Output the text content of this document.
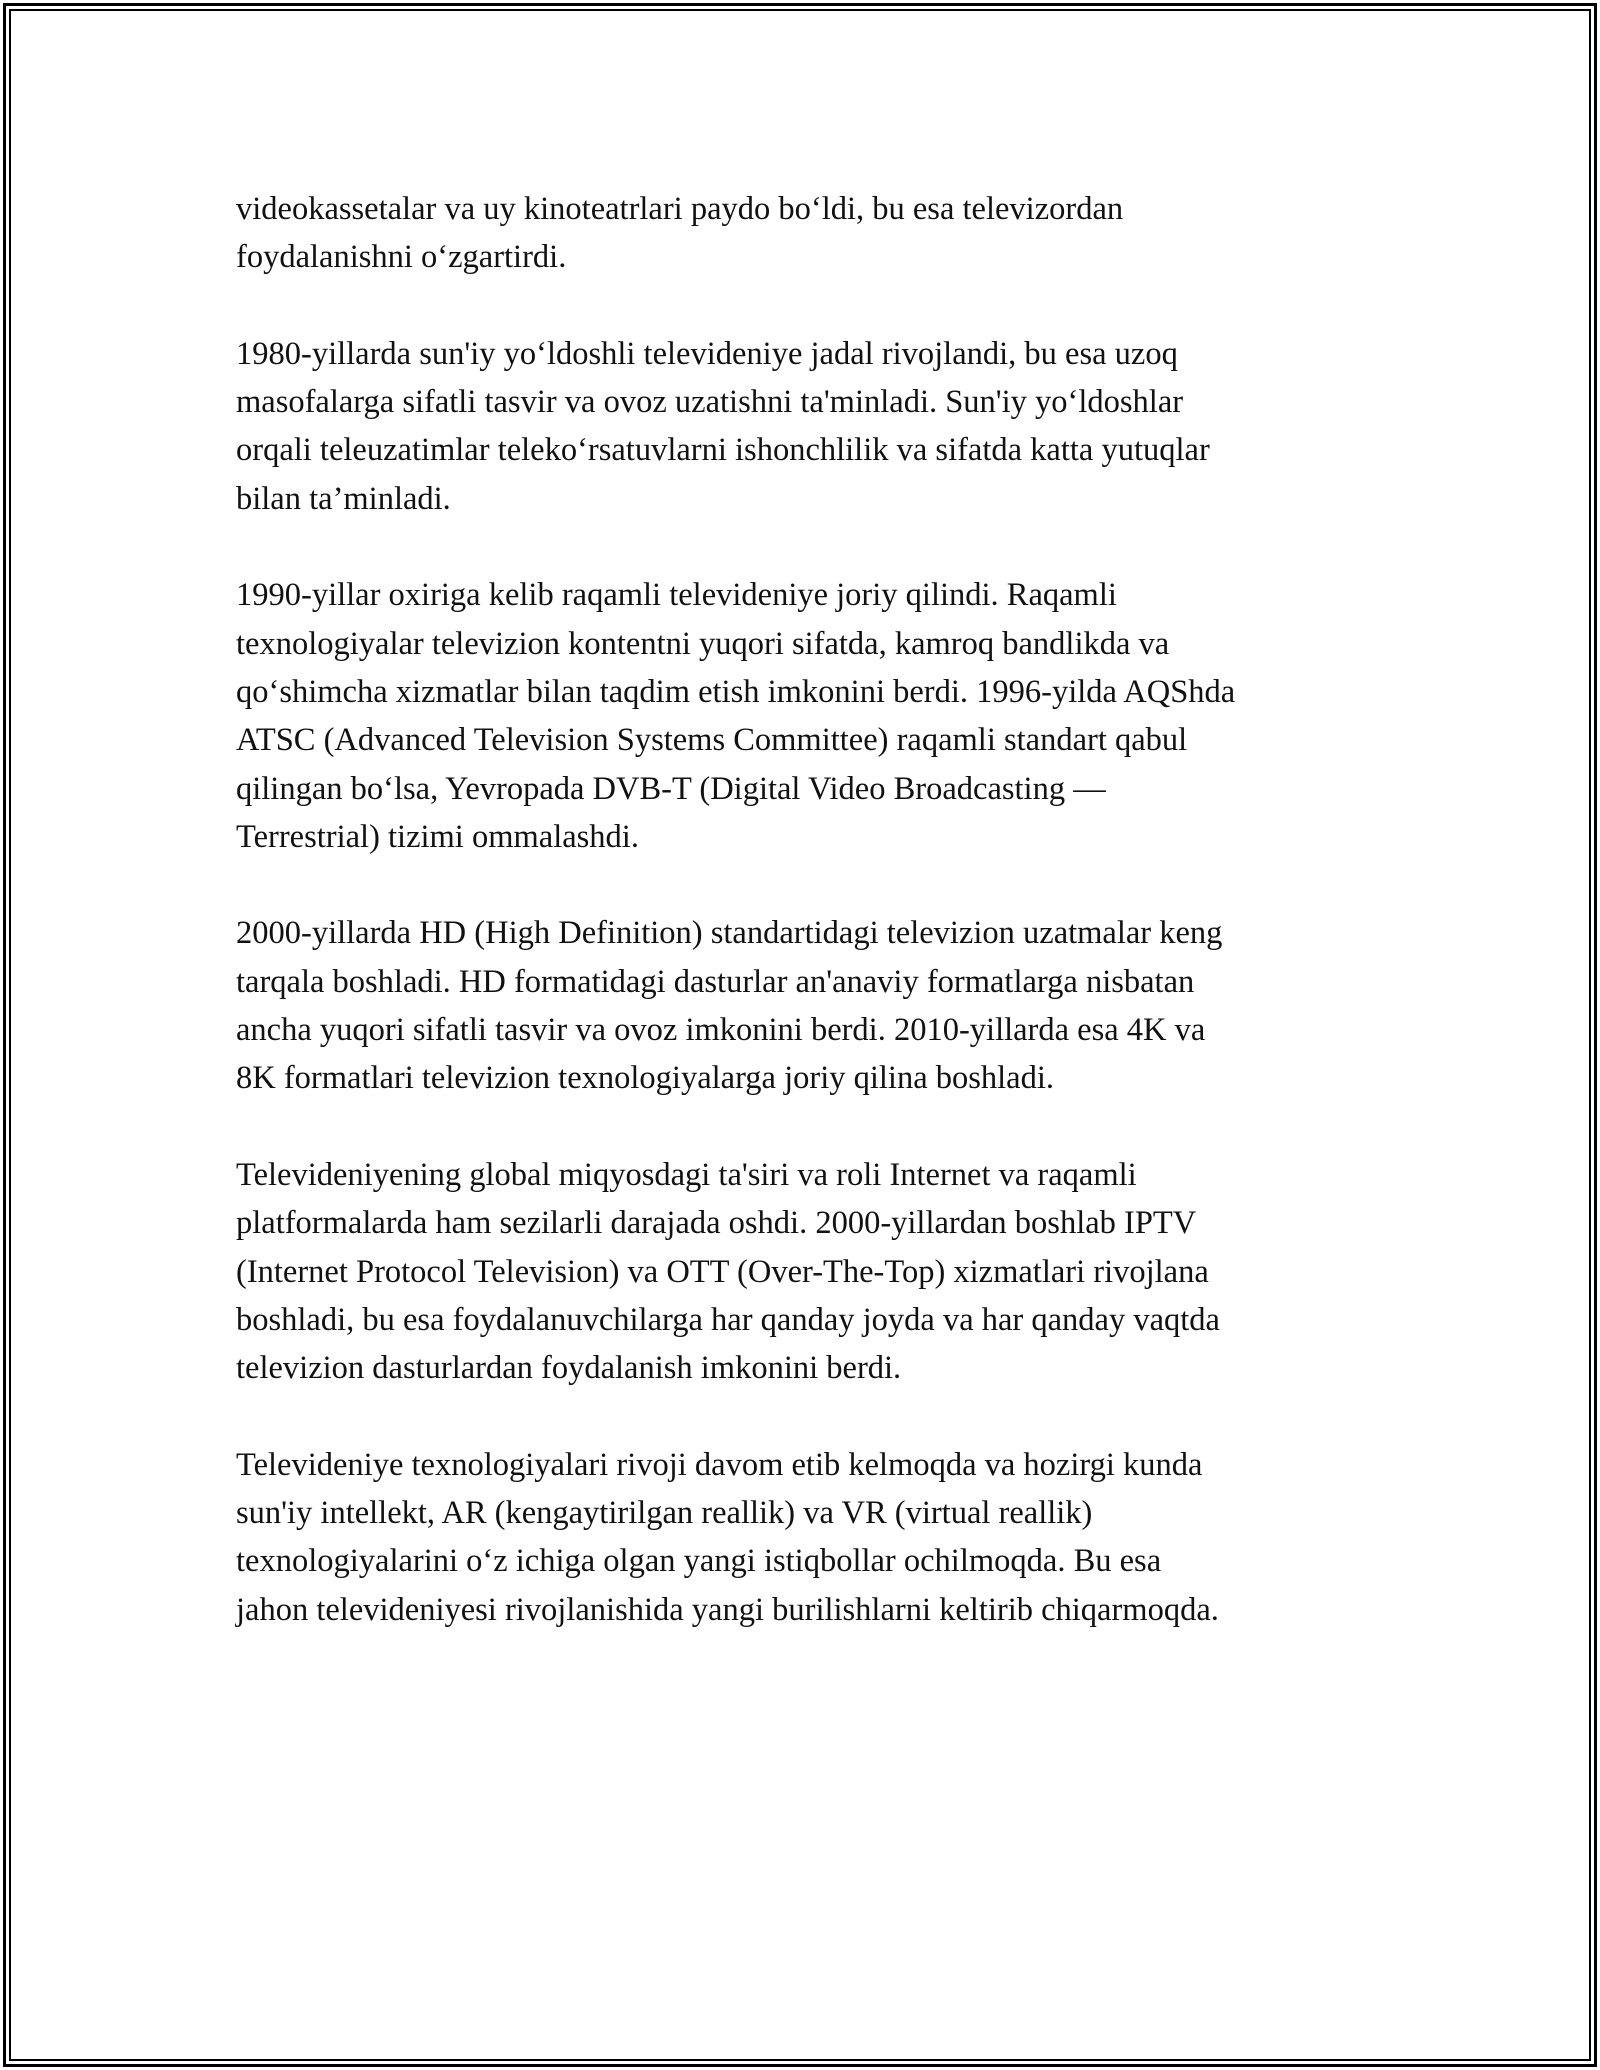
videokassetalar va uy kinoteatrlari paydo bo‘ldi, bu esa televizordan
foydalanishni o‘zgartirdi.

1980-yillarda sun'iy yo‘ldoshli televideniye jadal rivojlandi, bu esa uzoq
masofalarga sifatli tasvir va ovoz uzatishni ta'minladi. Sun'iy yo‘ldoshlar
orqali teleuzatimlar teleko‘rsatuvlarni ishonchlilik va sifatda katta yutuqlar
bilan ta’minladi.

1990-yillar oxiriga kelib raqamli televideniye joriy qilindi. Raqamli
texnologiyalar televizion kontentni yuqori sifatda, kamroq bandlikda va
qo‘shimcha xizmatlar bilan taqdim etish imkonini berdi. 1996-yilda AQShda
ATSC (Advanced Television Systems Committee) raqamli standart qabul
qilingan bo‘lsa, Yevropada DVB-T (Digital Video Broadcasting —
Terrestrial) tizimi ommalashdi.

2000-yillarda HD (High Definition) standartidagi televizion uzatmalar keng
tarqala boshladi. HD formatidagi dasturlar an'anaviy formatlarga nisbatan
ancha yuqori sifatli tasvir va ovoz imkonini berdi. 2010-yillarda esa 4K va
8K formatlari televizion texnologiyalarga joriy qilina boshladi.

Televideniyening global miqyosdagi ta'siri va roli Internet va raqamli
platformalarda ham sezilarli darajada oshdi. 2000-yillardan boshlab IPTV
(Internet Protocol Television) va OTT (Over-The-Top) xizmatlari rivojlana
boshladi, bu esa foydalanuvchilarga har qanday joyda va har qanday vaqtda
televizion dasturlardan foydalanish imkonini berdi.

Televideniye texnologiyalari rivoji davom etib kelmoqda va hozirgi kunda
sun'iy intellekt, AR (kengaytirilgan reallik) va VR (virtual reallik)
texnologiyalarini o‘z ichiga olgan yangi istiqbollar ochilmoqda. Bu esa
jahon televideniyesi rivojlanishida yangi burilishlarni keltirib chiqarmoqda.
